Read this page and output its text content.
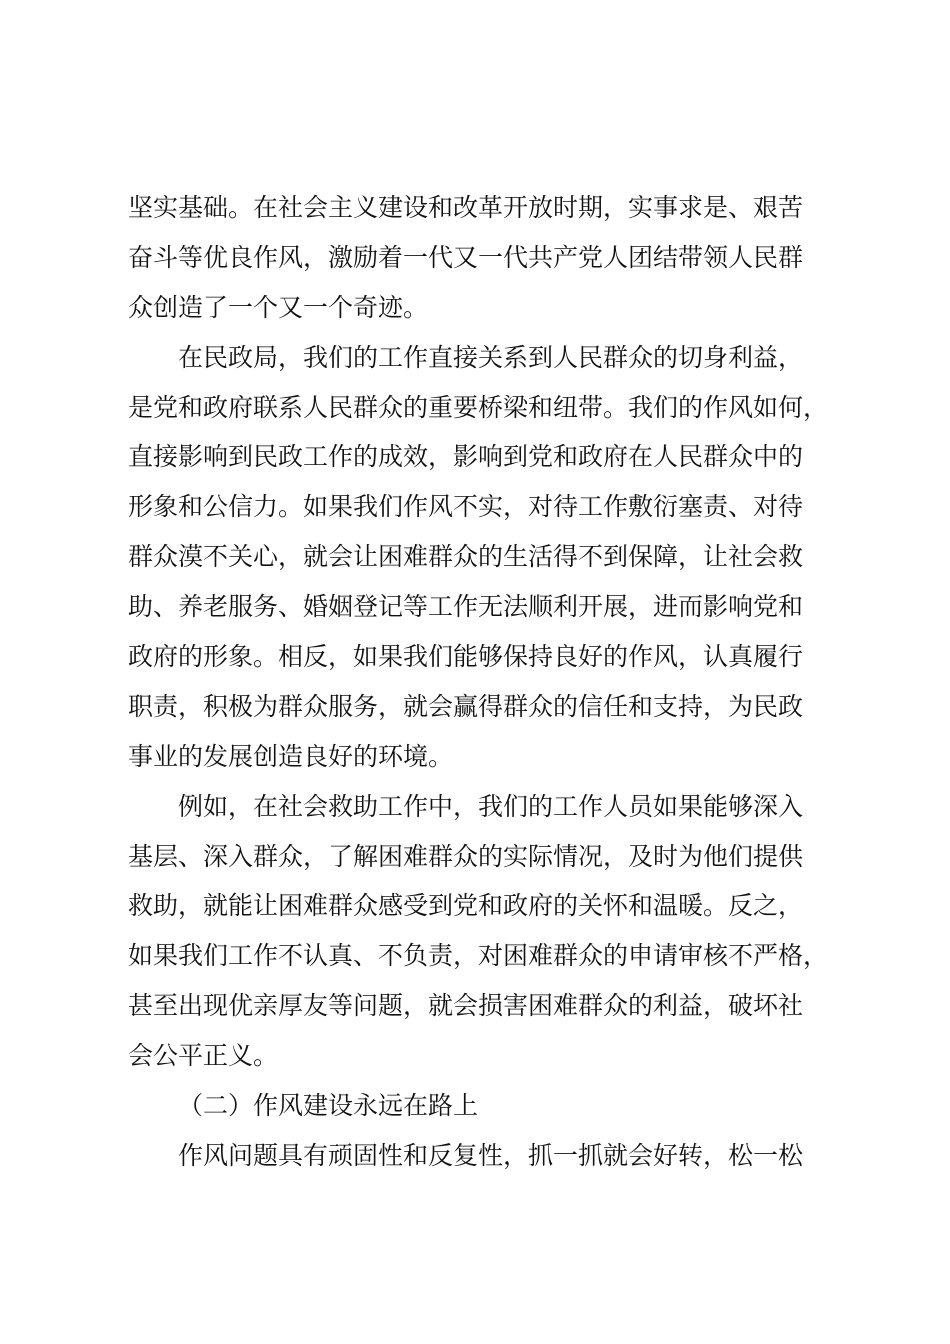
坚实基础。在社会主义建设和改革开放时期，实事求是、艰苦
奋斗等优良作风，激励着一代又一代共产党人团结带领人民群
众创造了一个又一个奇迹。
在民政局，我们的工作直接关系到人民群众的切身利益，
是党和政府联系人民群众的重要桥梁和纽带。我们的作风如何，
直接影响到民政工作的成效，影响到党和政府在人民群众中的
形象和公信力。如果我们作风不实，对待工作敷衍塞责、对待
群众漠不关心，就会让困难群众的生活得不到保障，让社会救
助、养老服务、婚姻登记等工作无法顺利开展，进而影响党和
政府的形象。相反，如果我们能够保持良好的作风，认真履行
职责，积极为群众服务，就会赢得群众的信任和支持，为民政
事业的发展创造良好的环境。
例如，在社会救助工作中，我们的工作人员如果能够深入
基层、深入群众，了解困难群众的实际情况，及时为他们提供
救助，就能让困难群众感受到党和政府的关怀和温暖。反之，
如果我们工作不认真、不负责，对困难群众的申请审核不严格，
甚至出现优亲厚友等问题，就会损害困难群众的利益，破坏社
会公平正义。
（二）作风建设永远在路上
作风问题具有顽固性和反复性，抓一抓就会好转，松一松
